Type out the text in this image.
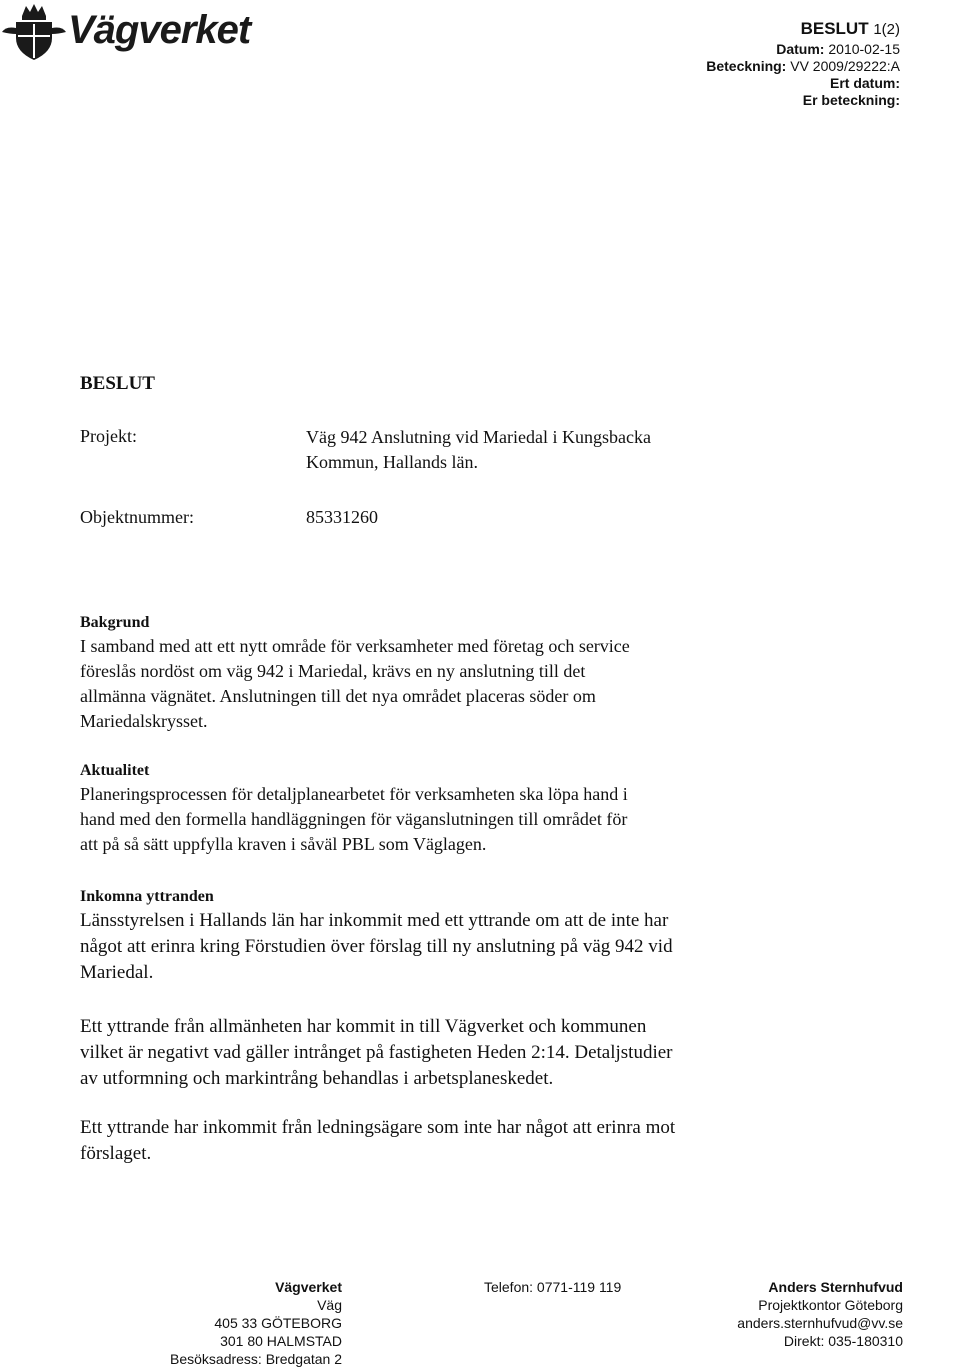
Vägverket	BESLUT 1(2)
Datum: 2010-02-15
Beteckning: VV 2009/29222:A
Ert datum:
Er beteckning:
BESLUT
Projekt:	Väg 942 Anslutning vid Mariedal i Kungsbacka
Kommun, Hallands län.
Objektnummer:	85331260
Bakgrund

I samband med att ett nytt område för verksamheter med företag och service

föreslås nordöst om väg 942 i Mariedal, krävs en ny anslutning till det

allmänna vägnätet. Anslutningen till det nya området placeras söder om

Mariedalskrysset.

Aktualitet

Planeringsprocessen för detaljplanearbetet för verksamheten ska löpa hand i

hand med den formella handläggningen för väganslutningen till området för

att på så sätt uppfylla kraven i såväl PBL som Väglagen.

Inkomna yttranden

Länsstyrelsen i Hallands län har inkommit med ett yttrande om att de inte har

något att erinra kring Förstudien över förslag till ny anslutning på väg 942 vid

Mariedal.

Ett yttrande från allmänheten har kommit in till Vägverket och kommunen

vilket är negativt vad gäller intrånget på fastigheten Heden 2:14. Detaljstudier

av utformning och markintrång behandlas i arbetsplaneskedet.

Ett yttrande har inkommit från ledningsägare som inte har något att erinra mot

förslaget.

Vägverket
Väg
405 33 GÖTEBORG
301 80 HALMSTAD
Besöksadress: Bredgatan 2
Telefon: 0771-119 119	Anders Sternhufvud
Projektkontor Göteborg
anders.sternhufvud@vv.se
Direkt: 035-180310
